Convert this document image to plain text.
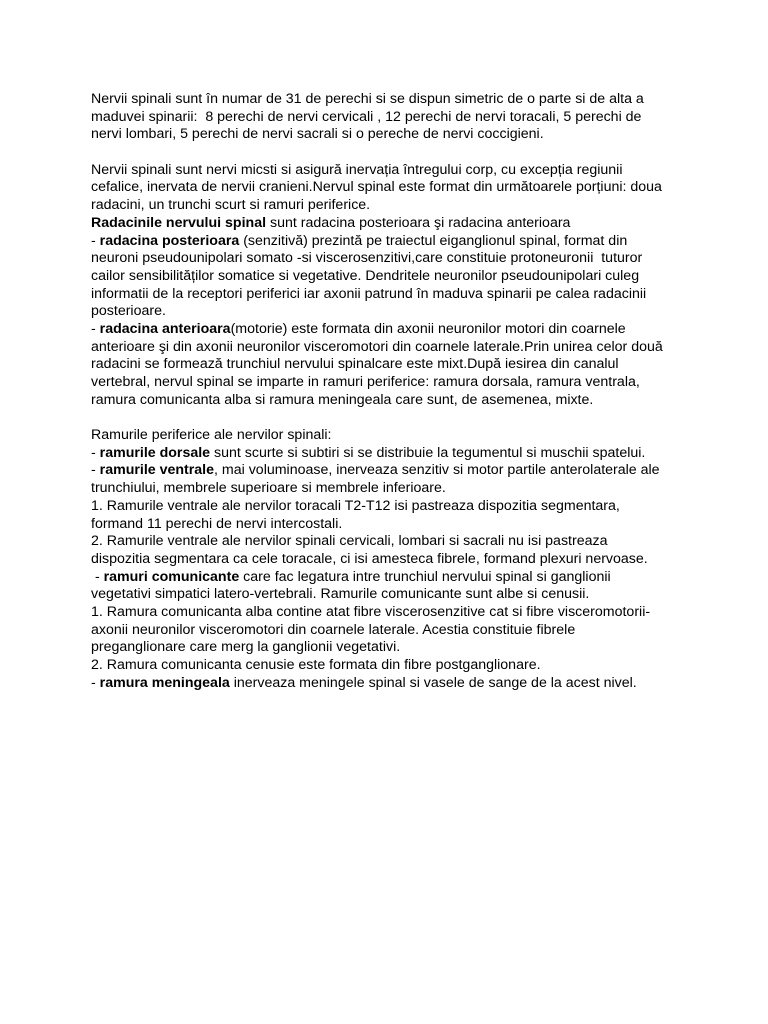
Nervii spinali sunt în numar de 31 de perechi si se dispun simetric de o parte si de alta a
maduvei spinarii:  8 perechi de nervi cervicali , 12 perechi de nervi toracali, 5 perechi de
nervi lombari, 5 perechi de nervi sacrali si o pereche de nervi coccigieni.
Nervii spinali sunt nervi micsti si asigură inervația întregului corp, cu excepția regiunii
cefalice, inervata de nervii cranieni.Nervul spinal este format din următoarele porțiuni: doua
radacini, un trunchi scurt si ramuri periferice.
Radacinile nervului spinal sunt radacina posterioara şi radacina anterioara
- radacina posterioara (senzitivă) prezintă pe traiectul eiganglionul spinal, format din
neuroni pseudounipolari somato -si viscerosenzitivi,care constituie protoneuronii  tuturor
cailor sensibilităților somatice si vegetative. Dendritele neuronilor pseudounipolari culeg
informatii de la receptori periferici iar axonii patrund în maduva spinarii pe calea radacinii
posterioare.
- radacina anterioara(motorie) este formata din axonii neuronilor motori din coarnele
anterioare şi din axonii neuronilor visceromotori din coarnele laterale.Prin unirea celor două
radacini se formează trunchiul nervului spinalcare este mixt.După iesirea din canalul
vertebral, nervul spinal se imparte in ramuri periferice: ramura dorsala, ramura ventrala,
ramura comunicanta alba si ramura meningeala care sunt, de asemenea, mixte.
Ramurile periferice ale nervilor spinali:
- ramurile dorsale sunt scurte si subtiri si se distribuie la tegumentul si muschii spatelui.
- ramurile ventrale, mai voluminoase, inerveaza senzitiv si motor partile anterolaterale ale
trunchiului, membrele superioare si membrele inferioare.
1. Ramurile ventrale ale nervilor toracali T2-T12 isi pastreaza dispozitia segmentara,
formand 11 perechi de nervi intercostali.
2. Ramurile ventrale ale nervilor spinali cervicali, lombari si sacrali nu isi pastreaza
dispozitia segmentara ca cele toracale, ci isi amesteca fibrele, formand plexuri nervoase.
- ramuri comunicante care fac legatura intre trunchiul nervului spinal si ganglionii
vegetativi simpatici latero-vertebrali. Ramurile comunicante sunt albe si cenusii.
1. Ramura comunicanta alba contine atat fibre viscerosenzitive cat si fibre visceromotorii-
axonii neuronilor visceromotori din coarnele laterale. Acestia constituie fibrele
preganglionare care merg la ganglionii vegetativi.
2. Ramura comunicanta cenusie este formata din fibre postganglionare.
- ramura meningeala inerveaza meningele spinal si vasele de sange de la acest nivel.
